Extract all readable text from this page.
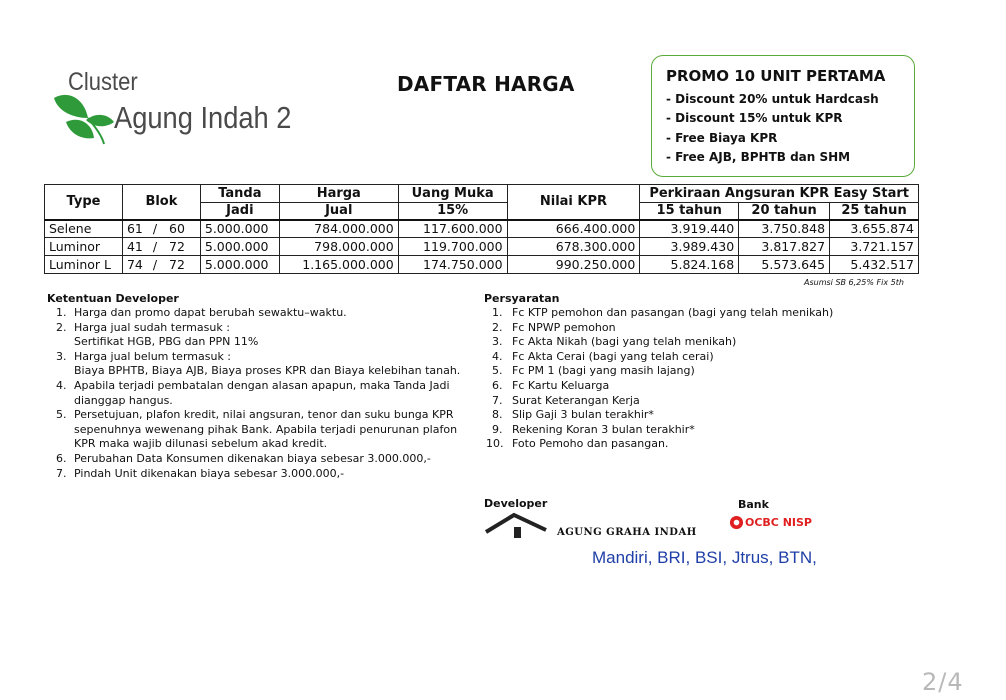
Cluster
Agung Indah 2
DAFTAR HARGA	PROMO 10 UNIT PERTAMA
- Discount 20% untuk Hardcash
- Discount 15% untuk KPR
- Free Biaya KPR
- Free AJB, BPHTB dan SHM
Type	Blok	Tanda	Harga	Uang Muka	Nilai KPR	Perkiraan Angsuran KPR Easy Start		
		Jadi	Jual	15%		15 tahun	20 tahun	25 tahun
Selene	61 / 60	5.000.000	784.000.000	117.600.000	666.400.000	3.919.440	3.750.848	3.655.874
Luminor	41 / 72	5.000.000	798.000.000	119.700.000	678.300.000	3.989.430	3.817.827	3.721.157
Luminor L	74 / 72	5.000.000	1.165.000.000	174.750.000	990.250.000	5.824.168	5.573.645	5.432.517
Asumsi SB 6,25% Fix 5th
Ketentuan Developer
1. Harga dan promo dapat berubah sewaktu–waktu.
2. Harga jual sudah termasuk :
Sertifikat HGB, PBG dan PPN 11%
3. Harga jual belum termasuk :
Biaya BPHTB, Biaya AJB, Biaya proses KPR dan Biaya kelebihan tanah.
4. Apabila terjadi pembatalan dengan alasan apapun, maka Tanda Jadi
dianggap hangus.
5. Persetujuan, plafon kredit, nilai angsuran, tenor dan suku bunga KPR
sepenuhnya wewenang pihak Bank. Apabila terjadi penurunan plafon
KPR maka wajib dilunasi sebelum akad kredit.
6. Perubahan Data Konsumen dikenakan biaya sebesar 3.000.000,-
7. Pindah Unit dikenakan biaya sebesar 3.000.000,-
Persyaratan
1. Fc KTP pemohon dan pasangan (bagi yang telah menikah)
2. Fc NPWP pemohon
3. Fc Akta Nikah (bagi yang telah menikah)
4. Fc Akta Cerai (bagi yang telah cerai)
5. Fc PM 1 (bagi yang masih lajang)
6. Fc Kartu Keluarga
7. Surat Keterangan Kerja
8. Slip Gaji 3 bulan terakhir*
9. Rekening Koran 3 bulan terakhir*
10. Foto Pemoho dan pasangan.
Developer
AGUNG GRAHA INDAH
Bank
OCBC NISP
Mandiri, BRI, BSI, Jtrus, BTN,
2/4
